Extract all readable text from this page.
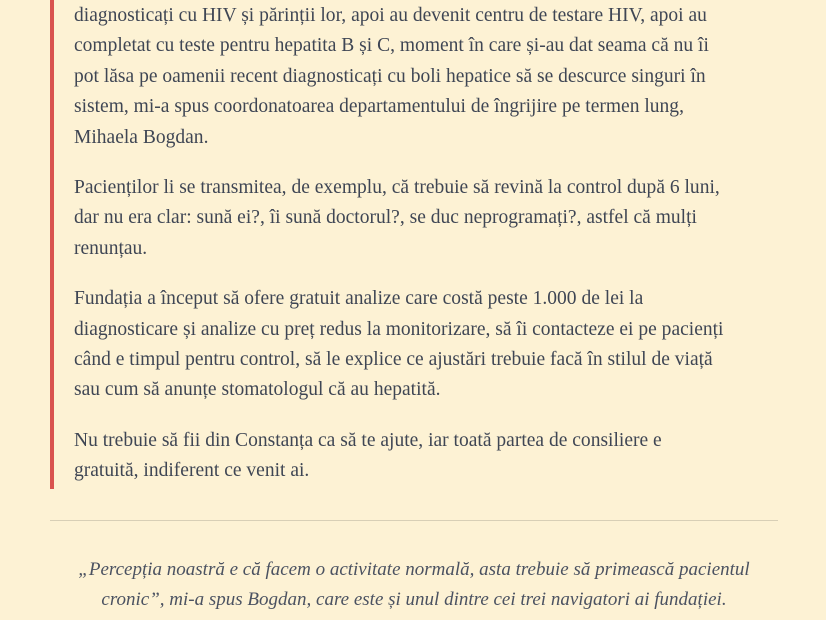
diagnosticați cu HIV și părinții lor, apoi au devenit centru de testare HIV, apoi au
completat cu teste pentru hepatita B și C, moment în care și-au dat seama că nu îi
pot lăsa pe oamenii recent diagnosticați cu boli hepatice să se descurce singuri în
sistem, mi-a spus coordonatoarea departamentului de îngrijire pe termen lung,
Mihaela Bogdan.

Pacienților li se transmitea, de exemplu, că trebuie să revină la control după 6 luni,
dar nu era clar: sună ei?, îi sună doctorul?, se duc neprogramați?, astfel că mulți
renunțau.

Fundația a început să ofere gratuit analize care costă peste 1.000 de lei la
diagnosticare și analize cu preț redus la monitorizare, să îi contacteze ei pe pacienți
când e timpul pentru control, să le explice ce ajustări trebuie facă în stilul de viață
sau cum să anunțe stomatologul că au hepatită.

Nu trebuie să fii din Constanța ca să te ajute, iar toată partea de consiliere e
gratuită, indiferent ce venit ai.

„Percepția noastră e că facem o activitate normală, asta trebuie să primească pacientul
cronic”, mi-a spus Bogdan, care este și unul dintre cei trei navigatori ai fundației.
